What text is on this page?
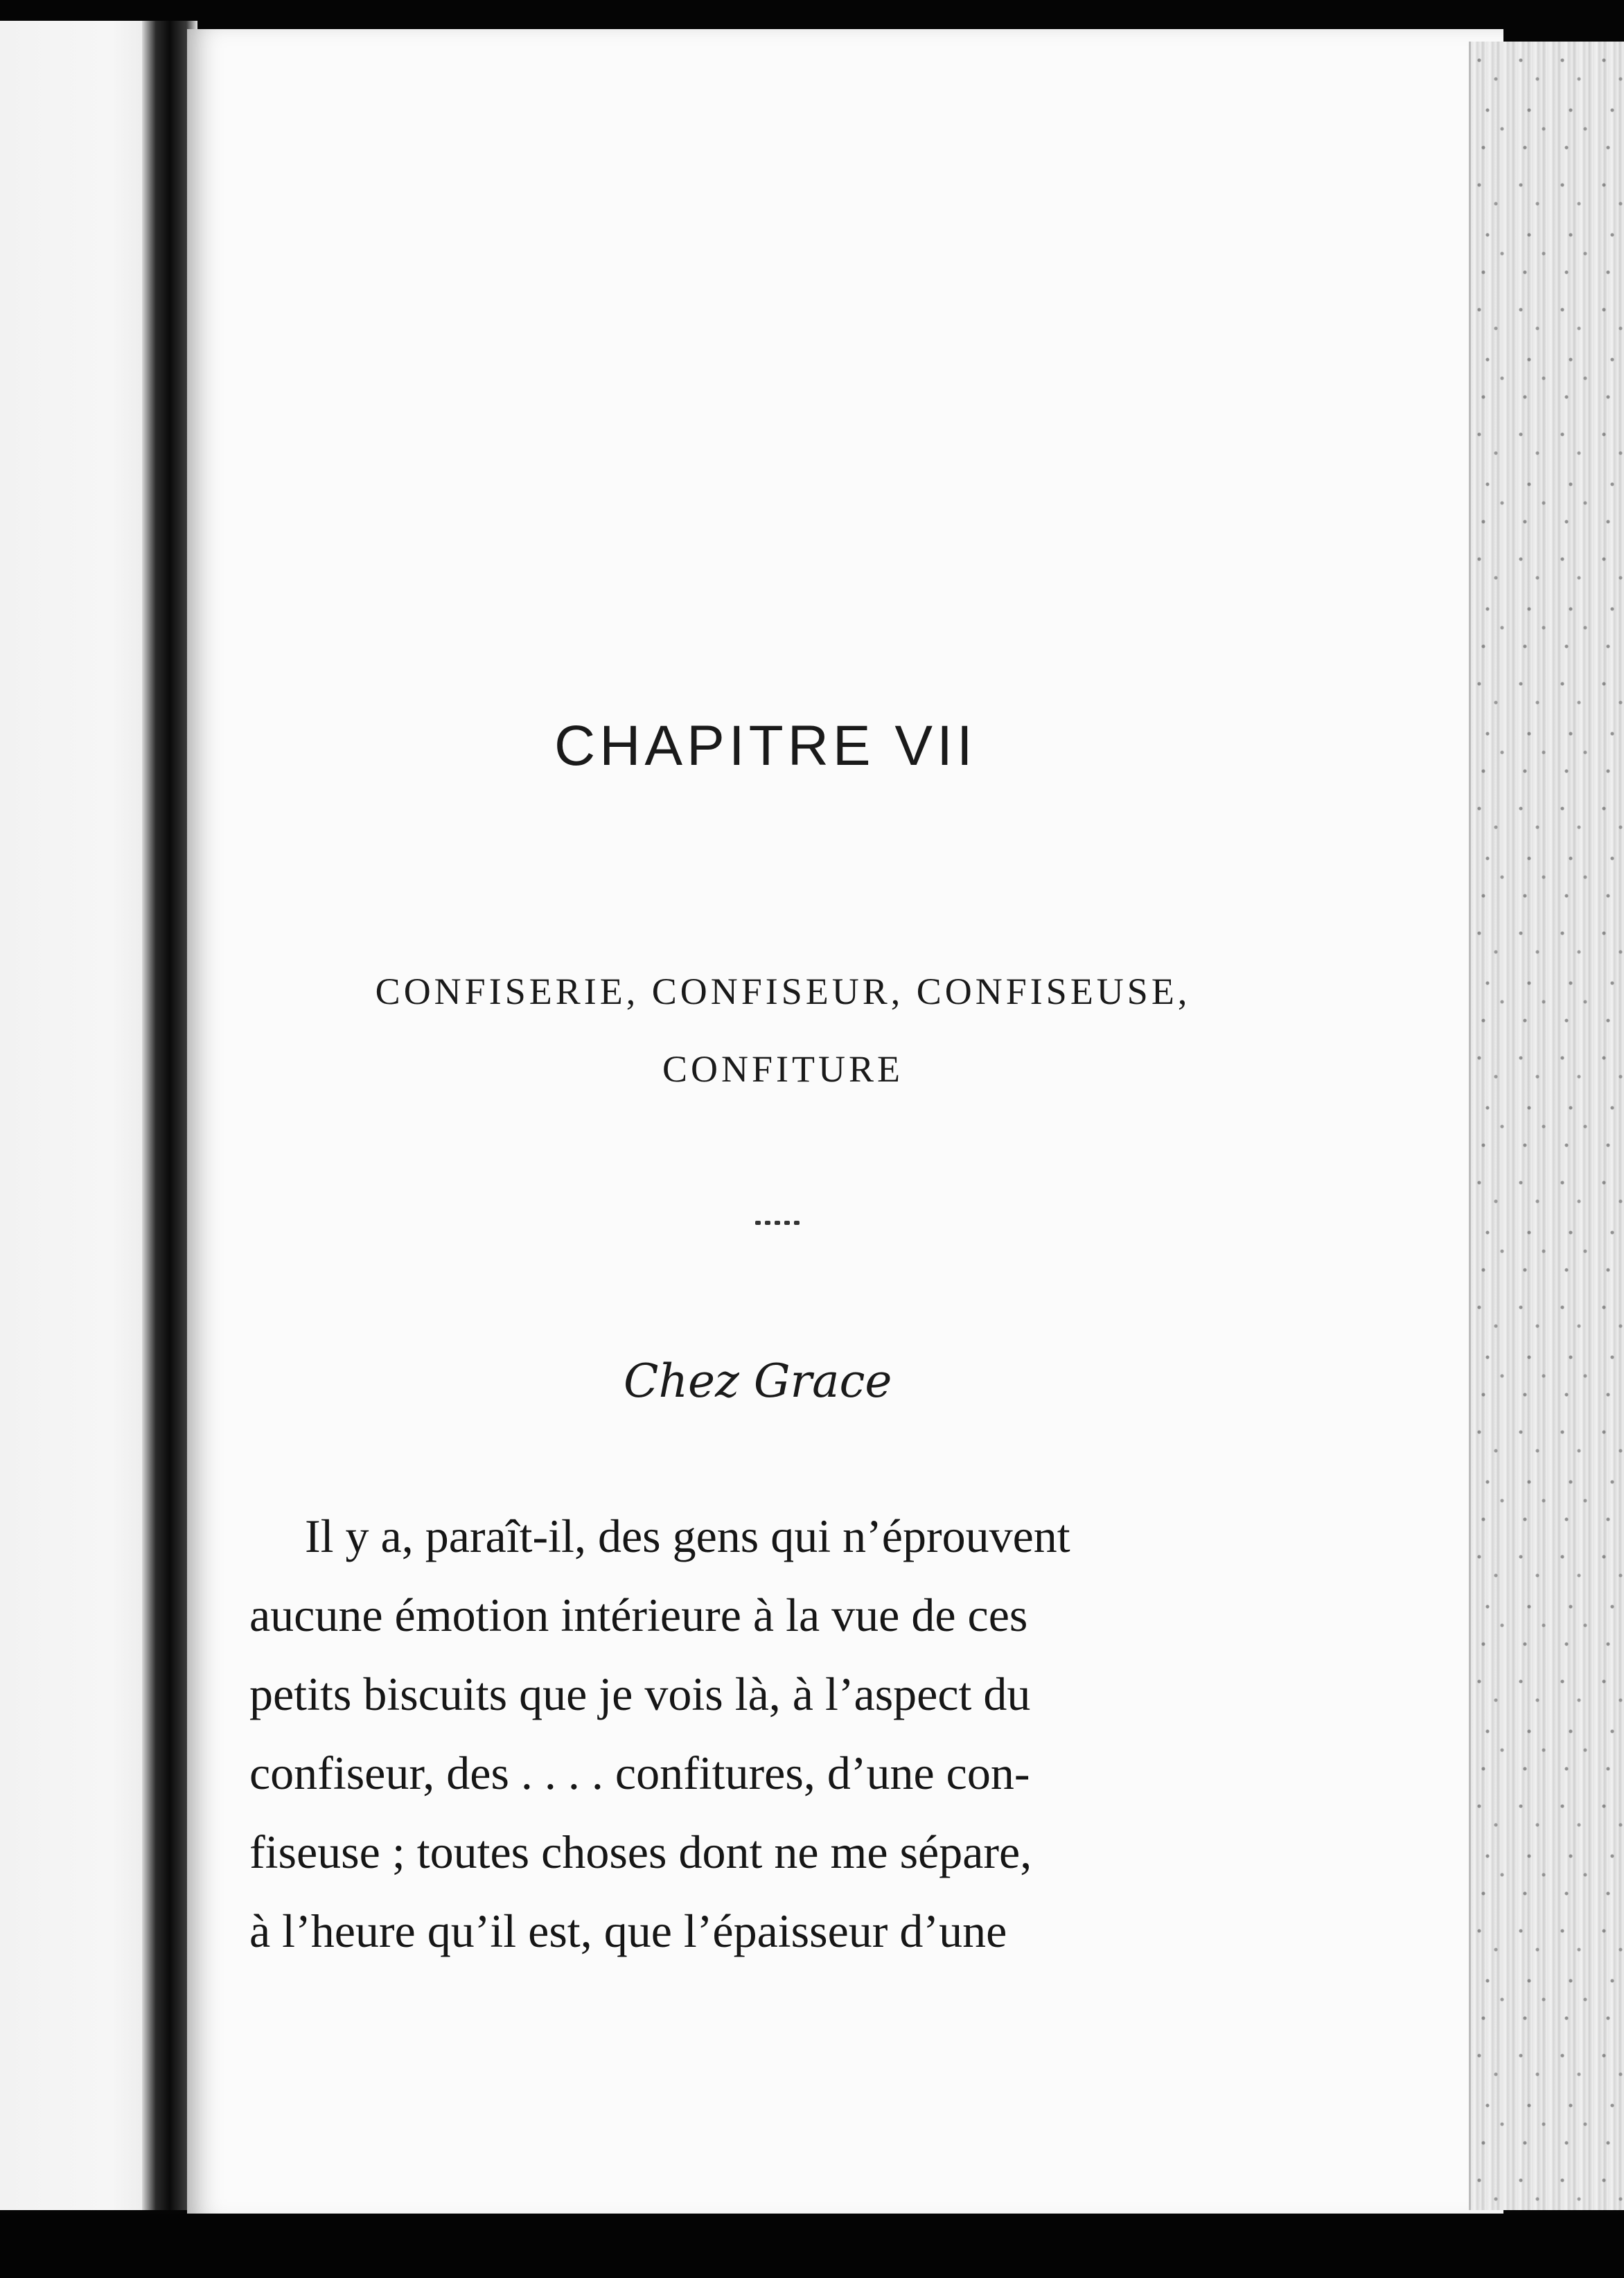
CHAPITRE VII
CONFISERIE, CONFISEUR, CONFISEUSE,
CONFITURE
Chez Grace
Il y a, paraît-il, des gens qui n’éprouvent
aucune émotion intérieure à la vue de ces
petits biscuits que je vois là, à l’aspect du
confiseur, des . . . . confitures, d’une con-
fiseuse ; toutes choses dont ne me sépare,
à l’heure qu’il est, que l’épaisseur d’une
